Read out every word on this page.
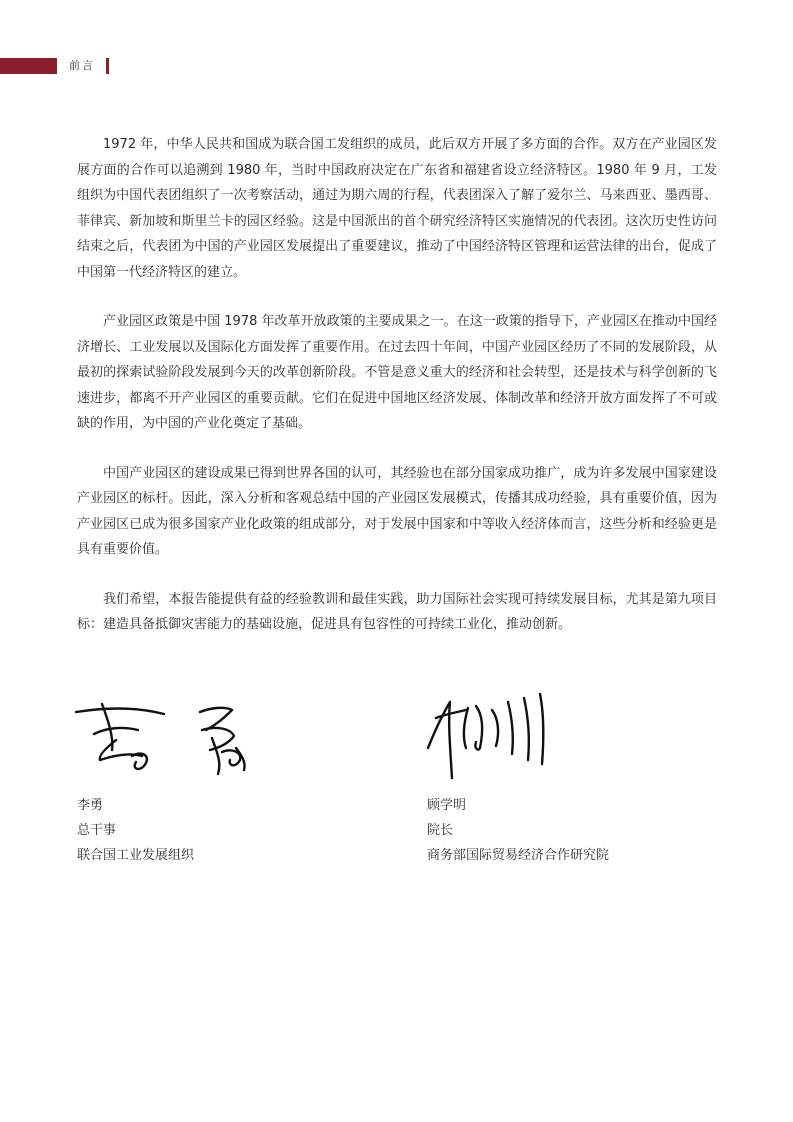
前言

1972 年，中华人民共和国成为联合国工发组织的成员，此后双方开展了多方面的合作。双方在产业园区发展方面的合作可以追溯到 1980 年，当时中国政府决定在广东省和福建省设立经济特区。1980 年 9 月，工发组织为中国代表团组织了一次考察活动，通过为期六周的行程，代表团深入了解了爱尔兰、马来西亚、墨西哥、菲律宾、新加坡和斯里兰卡的园区经验。这是中国派出的首个研究经济特区实施情况的代表团。这次历史性访问结束之后，代表团为中国的产业园区发展提出了重要建议，推动了中国经济特区管理和运营法律的出台，促成了中国第一代经济特区的建立。

产业园区政策是中国 1978 年改革开放政策的主要成果之一。在这一政策的指导下，产业园区在推动中国经济增长、工业发展以及国际化方面发挥了重要作用。在过去四十年间，中国产业园区经历了不同的发展阶段，从最初的探索试验阶段发展到今天的改革创新阶段。不管是意义重大的经济和社会转型，还是技术与科学创新的飞速进步，都离不开产业园区的重要贡献。它们在促进中国地区经济发展、体制改革和经济开放方面发挥了不可或缺的作用，为中国的产业化奠定了基础。

中国产业园区的建设成果已得到世界各国的认可，其经验也在部分国家成功推广，成为许多发展中国家建设产业园区的标杆。因此，深入分析和客观总结中国的产业园区发展模式，传播其成功经验，具有重要价值，因为产业园区已成为很多国家产业化政策的组成部分，对于发展中国家和中等收入经济体而言，这些分析和经验更是具有重要价值。

我们希望，本报告能提供有益的经验教训和最佳实践，助力国际社会实现可持续发展目标，尤其是第九项目标：建造具备抵御灾害能力的基础设施，促进具有包容性的可持续工业化，推动创新。

李勇
总干事
联合国工业发展组织
顾学明
院长
商务部国际贸易经济合作研究院
